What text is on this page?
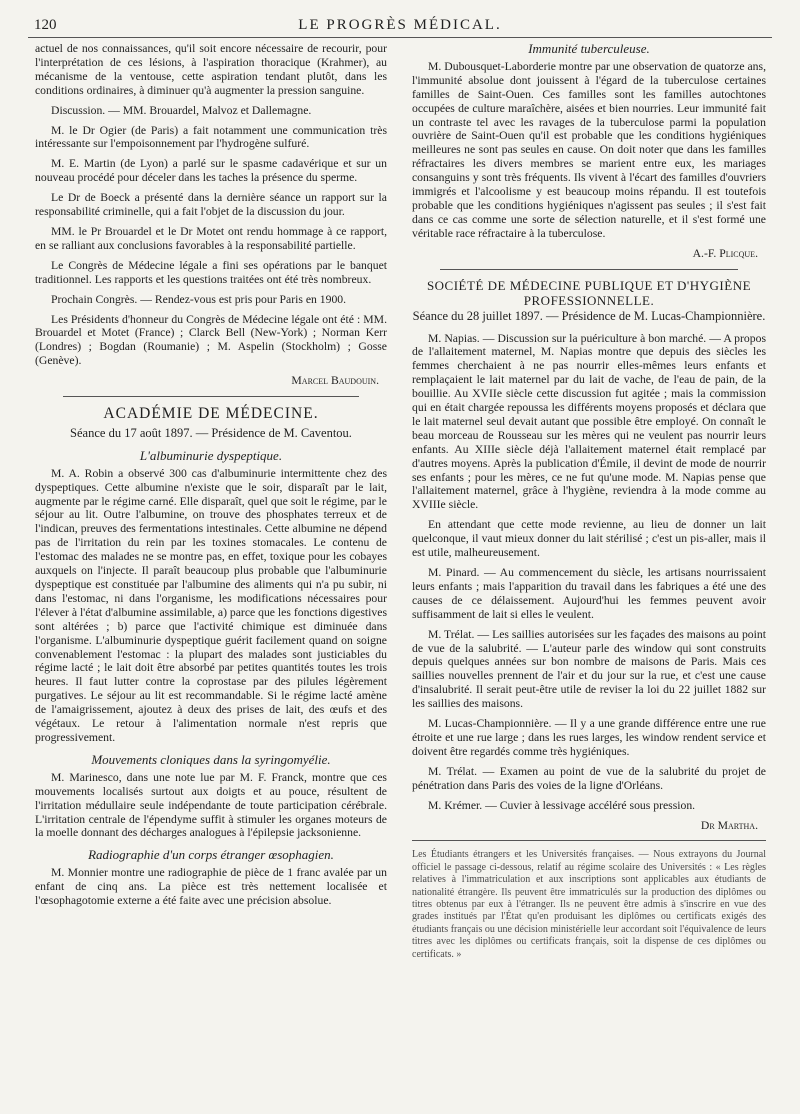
120	LE PROGRÈS MÉDICAL.

actuel de nos connaissances, qu'il soit encore nécessaire de recourir, pour l'interprétation de ces lésions, à l'aspiration thoracique (Krahmer), au mécanisme de la ventouse, cette aspiration tendant plutôt, dans les conditions ordinaires, à diminuer qu'à augmenter la pression sanguine.

Discussion. — MM. Brouardel, Malvoz et Dallemagne.

M. le Dr Ogier (de Paris) a fait notamment une communication très intéressante sur l'empoisonnement par l'hydrogène sulfuré.

M. E. Martin (de Lyon) a parlé sur le spasme cadavérique et sur un nouveau procédé pour déceler dans les taches la présence du sperme.

Le Dr de Boeck a présenté dans la dernière séance un rapport sur la responsabilité criminelle, qui a fait l'objet de la discussion du jour.

MM. le Pr Brouardel et le Dr Motet ont rendu hommage à ce rapport, en se ralliant aux conclusions favorables à la responsabilité partielle.

Le Congrès de Médecine légale a fini ses opérations par le banquet traditionnel. Les rapports et les questions traitées ont été très nombreux.

Prochain Congrès. — Rendez-vous est pris pour Paris en 1900.

Les Présidents d'honneur du Congrès de Médecine légale ont été : MM. Brouardel et Motet (France) ; Clarck Bell (New-York) ; Norman Kerr (Londres) ; Bogdan (Roumanie) ; M. Aspelin (Stockholm) ; Gosse (Genève).

Marcel Baudouin.
ACADÉMIE DE MÉDECINE.
Séance du 17 août 1897. — Présidence de M. Caventou.
L'albuminurie dyspeptique.

M. A. Robin a observé 300 cas d'albuminurie intermittente chez des dyspeptiques. Cette albumine n'existe que le soir, disparaît par le lait, augmente par le régime carné. Elle disparaît, quel que soit le régime, par le séjour au lit. Outre l'albumine, on trouve des phosphates terreux et de l'indican, preuves des fermentations intestinales. Cette albumine ne dépend pas de l'irritation du rein par les toxines stomacales. Le contenu de l'estomac des malades ne se montre pas, en effet, toxique pour les cobayes auxquels on l'injecte. Il paraît beaucoup plus probable que l'albuminurie dyspeptique est constituée par l'albumine des aliments qui n'a pu subir, ni dans l'estomac, ni dans l'organisme, les modifications nécessaires pour l'élever à l'état d'albumine assimilable, a) parce que les fonctions digestives sont altérées ; b) parce que l'activité chimique est diminuée dans l'organisme. L'albuminurie dyspeptique guérit facilement quand on soigne convenablement l'estomac : la plupart des malades sont justiciables du régime lacté ; le lait doit être absorbé par petites quantités toutes les trois heures. Il faut lutter contre la coprostase par des pilules légèrement purgatives. Le séjour au lit est recommandable. Si le régime lacté amène de l'amaigrissement, ajoutez à deux des prises de lait, des œufs et des végétaux. Le retour à l'alimentation normale n'est repris que progressivement.

Mouvements cloniques dans la syringomyélie.

M. Marinesco, dans une note lue par M. F. Franck, montre que ces mouvements localisés surtout aux doigts et au pouce, résultent de l'irritation médullaire seule indépendante de toute participation cérébrale. L'irritation centrale de l'épendyme suffit à stimuler les organes moteurs de la moelle donnant des décharges analogues à l'épilepsie jacksonienne.

Radiographie d'un corps étranger œsophagien.

M. Monnier montre une radiographie de pièce de 1 franc avalée par un enfant de cinq ans. La pièce est très nettement localisée et l'œsophagotomie externe a été faite avec une précision absolue.

Immunité tuberculeuse.

M. Dubousquet-Laborderie montre par une observation de quatorze ans, l'immunité absolue dont jouissent à l'égard de la tuberculose certaines familles de Saint-Ouen. Ces familles sont les familles autochtones occupées de culture maraîchère, aisées et bien nourries. Leur immunité fait un contraste tel avec les ravages de la tuberculose parmi la population ouvrière de Saint-Ouen qu'il est probable que les conditions hygiéniques meilleures ne sont pas seules en cause. On doit noter que dans les familles réfractaires les divers membres se marient entre eux, les mariages consanguins y sont très fréquents. Ils vivent à l'écart des familles d'ouvriers immigrés et l'alcoolisme y est beaucoup moins répandu. Il est toutefois probable que les conditions hygiéniques n'agissent pas seules ; il s'est fait dans ce cas comme une sorte de sélection naturelle, et il s'est formé une véritable race réfractaire à la tuberculose.

A.-F. Plicque.
SOCIÉTÉ DE MÉDECINE PUBLIQUE ET D'HYGIÈNE PROFESSIONNELLE.
Séance du 28 juillet 1897. — Présidence de M. Lucas-Championnière.

M. Napias. — Discussion sur la puériculture à bon marché. — A propos de l'allaitement maternel, M. Napias montre que depuis des siècles les femmes cherchaient à ne pas nourrir elles-mêmes leurs enfants et remplaçaient le lait maternel par du lait de vache, de l'eau de pain, de la bouillie. Au XVIIe siècle cette discussion fut agitée ; mais la commission qui en était chargée repoussa les différents moyens proposés et déclara que le lait maternel seul devait autant que possible être employé. On connaît le beau morceau de Rousseau sur les mères qui ne veulent pas nourrir leurs enfants. Au XIIIe siècle déjà l'allaitement maternel était remplacé par d'autres moyens. Après la publication d'Émile, il devint de mode de nourrir ses enfants ; pour les mères, ce ne fut qu'une mode. M. Napias pense que l'allaitement maternel, grâce à l'hygiène, reviendra à la mode comme au XVIIIe siècle.

En attendant que cette mode revienne, au lieu de donner un lait quelconque, il vaut mieux donner du lait stérilisé ; c'est un pis-aller, mais il est utile, malheureusement.

M. Pinard. — Au commencement du siècle, les artisans nourrissaient leurs enfants ; mais l'apparition du travail dans les fabriques a été une des causes de ce délaissement. Aujourd'hui les femmes peuvent avoir suffisamment de lait si elles le veulent.

M. Trélat. — Les saillies autorisées sur les façades des maisons au point de vue de la salubrité. — L'auteur parle des window qui sont construits depuis quelques années sur bon nombre de maisons de Paris. Mais ces saillies nouvelles prennent de l'air et du jour sur la rue, et c'est une cause d'insalubrité. Il serait peut-être utile de reviser la loi du 22 juillet 1882 sur les saillies des maisons.

M. Lucas-Championnière. — Il y a une grande différence entre une rue étroite et une rue large ; dans les rues larges, les window rendent service et doivent être regardés comme très hygiéniques.

M. Trélat. — Examen au point de vue de la salubrité du projet de pénétration dans Paris des voies de la ligne d'Orléans.

M. Krémer. — Cuvier à lessivage accéléré sous pression.

Dr Martha.
Les Étudiants étrangers et les Universités françaises. — Nous extrayons du Journal officiel le passage ci-dessous, relatif au régime scolaire des Universités : « Les règles relatives à l'immatriculation et aux inscriptions sont applicables aux étudiants de nationalité étrangère. Ils peuvent être immatriculés sur la production des diplômes ou titres obtenus par eux à l'étranger. Ils ne peuvent être admis à s'inscrire en vue des grades institués par l'État qu'en produisant les diplômes ou certificats exigés des étudiants français ou une décision ministérielle leur accordant soit l'équivalence de leurs titres avec les diplômes ou certificats français, soit la dispense de ces diplômes ou certificats. »
